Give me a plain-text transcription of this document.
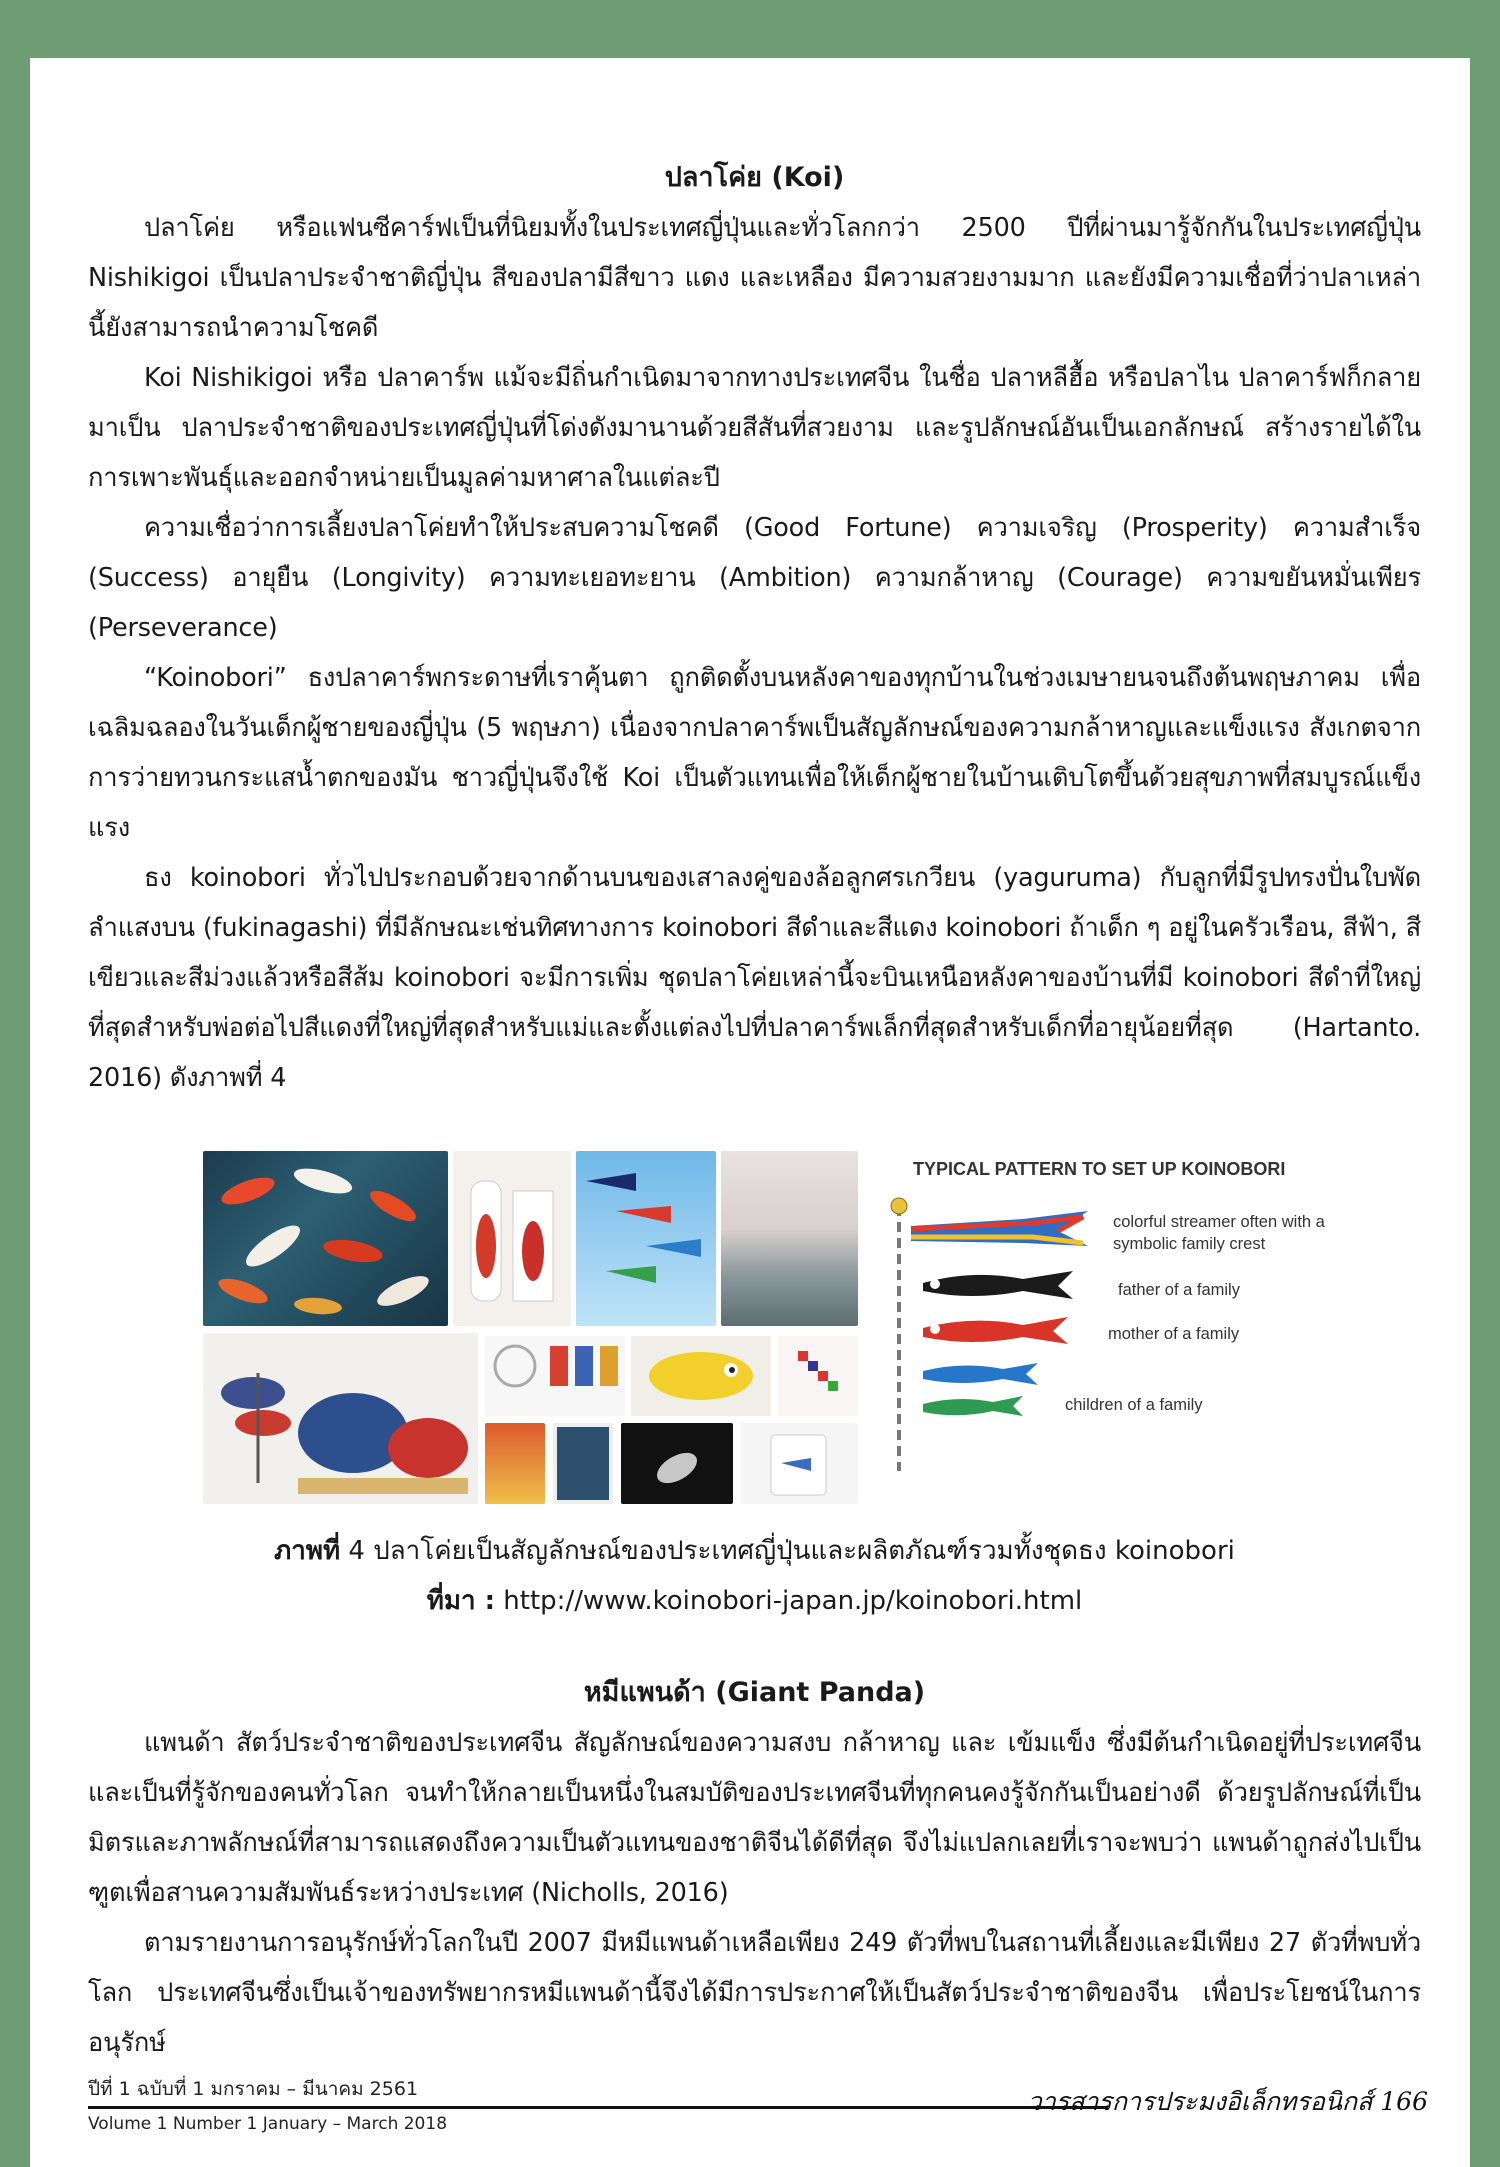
ปลาโค่ย (Koi)

ปลาโค่ย หรือแฟนซีคาร์ฟเป็นที่นิยมทั้งในประเทศญี่ปุ่นและทั่วโลกกว่า 2500 ปีที่ผ่านมารู้จักกันในประเทศญี่ปุ่น Nishikigoi เป็นปลาประจำชาติญี่ปุ่น สีของปลามีสีขาว แดง และเหลือง มีความสวยงามมาก และยังมีความเชื่อที่ว่าปลาเหล่านี้ยังสามารถนำความโชคดี

Koi Nishikigoi หรือ ปลาคาร์พ แม้จะมีถิ่นกำเนิดมาจากทางประเทศจีน ในชื่อ ปลาหลีฮื้อ หรือปลาไน ปลาคาร์ฟก็กลายมาเป็น ปลาประจำชาติของประเทศญี่ปุ่นที่โด่งดังมานานด้วยสีสันที่สวยงาม และรูปลักษณ์อันเป็นเอกลักษณ์ สร้างรายได้ในการเพาะพันธุ์และออกจำหน่ายเป็นมูลค่ามหาศาลในแต่ละปี

ความเชื่อว่าการเลี้ยงปลาโค่ยทำให้ประสบความโชคดี (Good Fortune) ความเจริญ (Prosperity) ความสำเร็จ (Success) อายุยืน (Longivity) ความทะเยอทะยาน (Ambition) ความกล้าหาญ (Courage) ความขยันหมั่นเพียร (Perseverance)

“Koinobori” ธงปลาคาร์พกระดาษที่เราคุ้นตา ถูกติดตั้งบนหลังคาของทุกบ้านในช่วงเมษายนจนถึงต้นพฤษภาคม เพื่อเฉลิมฉลองในวันเด็กผู้ชายของญี่ปุ่น (5 พฤษภา) เนื่องจากปลาคาร์พเป็นสัญลักษณ์ของความกล้าหาญและแข็งแรง สังเกตจากการว่ายทวนกระแสน้ำตกของมัน ชาวญี่ปุ่นจึงใช้ Koi เป็นตัวแทนเพื่อให้เด็กผู้ชายในบ้านเติบโตขึ้นด้วยสุขภาพที่สมบูรณ์แข็งแรง

ธง koinobori ทั่วไปประกอบด้วยจากด้านบนของเสาลงคู่ของล้อลูกศรเกวียน (yaguruma) กับลูกที่มีรูปทรงปั่นใบพัด ลำแสงบน (fukinagashi) ที่มีลักษณะเช่นทิศทางการ koinobori สีดำและสีแดง koinobori ถ้าเด็ก ๆ อยู่ในครัวเรือน, สีฟ้า, สีเขียวและสีม่วงแล้วหรือสีส้ม koinobori จะมีการเพิ่ม ชุดปลาโค่ยเหล่านี้จะบินเหนือหลังคาของบ้านที่มี koinobori สีดำที่ใหญ่ที่สุดสำหรับพ่อต่อไปสีแดงที่ใหญ่ที่สุดสำหรับแม่และตั้งแต่ลงไปที่ปลาคาร์พเล็กที่สุดสำหรับเด็กที่อายุน้อยที่สุด (Hartanto. 2016) ดังภาพที่ 4

TYPICAL PATTERN TO SET UP KOINOBORI
colorful streamer often with a symbolic family crest
father of a family
mother of a family
children of a family

ภาพที่ 4 ปลาโค่ยเป็นสัญลักษณ์ของประเทศญี่ปุ่นและผลิตภัณฑ์รวมทั้งชุดธง koinobori

ที่มา : http://www.koinobori-japan.jp/koinobori.html

หมีแพนด้า (Giant Panda)

แพนด้า สัตว์ประจำชาติของประเทศจีน สัญลักษณ์ของความสงบ กล้าหาญ และ เข้มแข็ง ซึ่งมีต้นกำเนิดอยู่ที่ประเทศจีน และเป็นที่รู้จักของคนทั่วโลก จนทำให้กลายเป็นหนึ่งในสมบัติของประเทศจีนที่ทุกคนคงรู้จักกันเป็นอย่างดี ด้วยรูปลักษณ์ที่เป็นมิตรและภาพลักษณ์ที่สามารถแสดงถึงความเป็นตัวแทนของชาติจีนได้ดีที่สุด จึงไม่แปลกเลยที่เราจะพบว่า แพนด้าถูกส่งไปเป็นฑูตเพื่อสานความสัมพันธ์ระหว่างประเทศ (Nicholls, 2016)

ตามรายงานการอนุรักษ์ทั่วโลกในปี 2007 มีหมีแพนด้าเหลือเพียง 249 ตัวที่พบในสถานที่เลี้ยงและมีเพียง 27 ตัวที่พบทั่วโลก ประเทศจีนซึ่งเป็นเจ้าของทรัพยากรหมีแพนด้านี้จึงได้มีการประกาศให้เป็นสัตว์ประจำชาติของจีน เพื่อประโยชน์ในการอนุรักษ์

ปีที่ 1 ฉบับที่ 1 มกราคม – มีนาคม 2561
Volume 1 Number 1 January – March 2018
วารสารการประมงอิเล็กทรอนิกส์ 166
